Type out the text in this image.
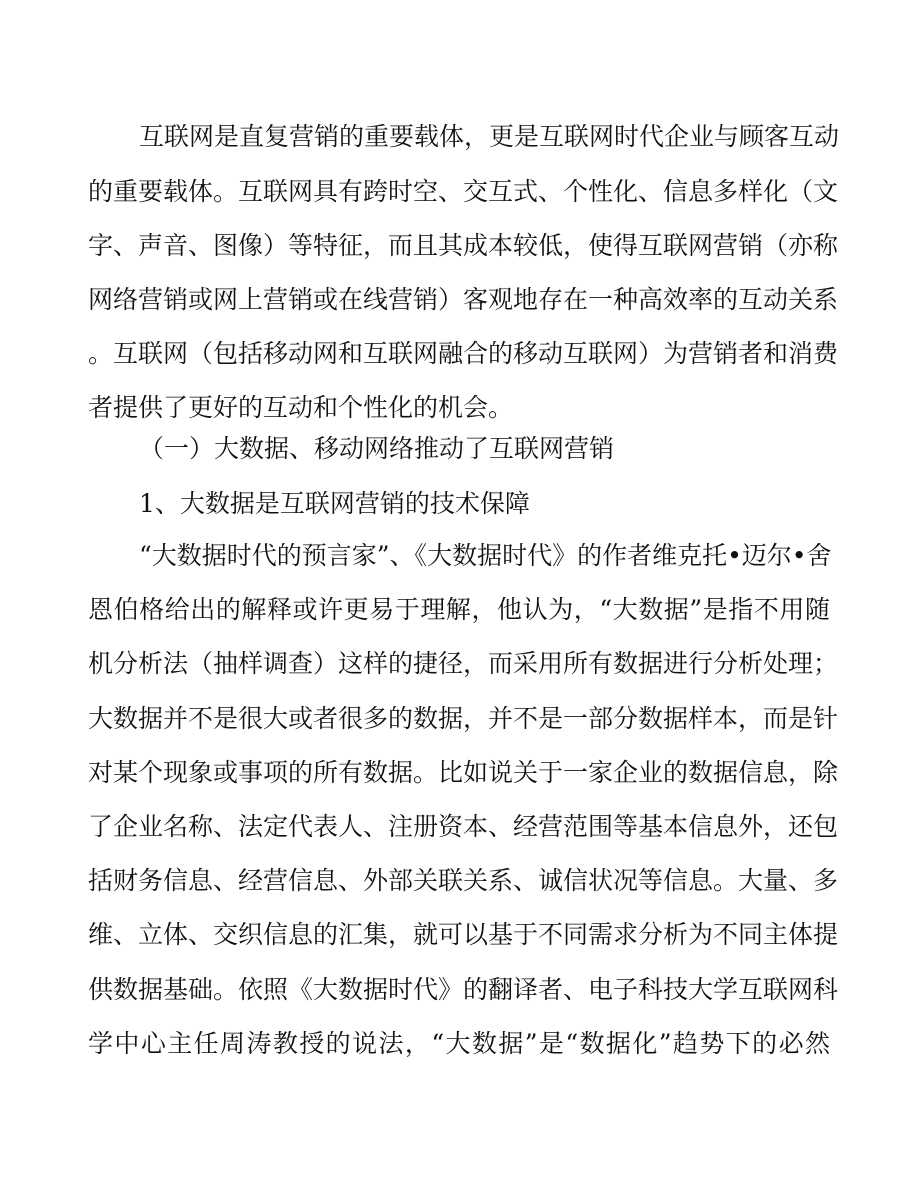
互联网是直复营销的重要载体，更是互联网时代企业与顾客互动
的重要载体。互联网具有跨时空、交互式、个性化、信息多样化（文
字、声音、图像）等特征，而且其成本较低，使得互联网营销（亦称
网络营销或网上营销或在线营销）客观地存在一种高效率的互动关系
。互联网（包括移动网和互联网融合的移动互联网）为营销者和消费
者提供了更好的互动和个性化的机会。
（一）大数据、移动网络推动了互联网营销
1、大数据是互联网营销的技术保障
“大数据时代的预言家”、《大数据时代》的作者维克托•迈尔•舍
恩伯格给出的解释或许更易于理解，他认为，“大数据”是指不用随
机分析法（抽样调查）这样的捷径，而采用所有数据进行分析处理；
大数据并不是很大或者很多的数据，并不是一部分数据样本，而是针
对某个现象或事项的所有数据。比如说关于一家企业的数据信息，除
了企业名称、法定代表人、注册资本、经营范围等基本信息外，还包
括财务信息、经营信息、外部关联关系、诚信状况等信息。大量、多
维、立体、交织信息的汇集，就可以基于不同需求分析为不同主体提
供数据基础。依照《大数据时代》的翻译者、电子科技大学互联网科
学中心主任周涛教授的说法，“大数据”是“数据化”趋势下的必然
